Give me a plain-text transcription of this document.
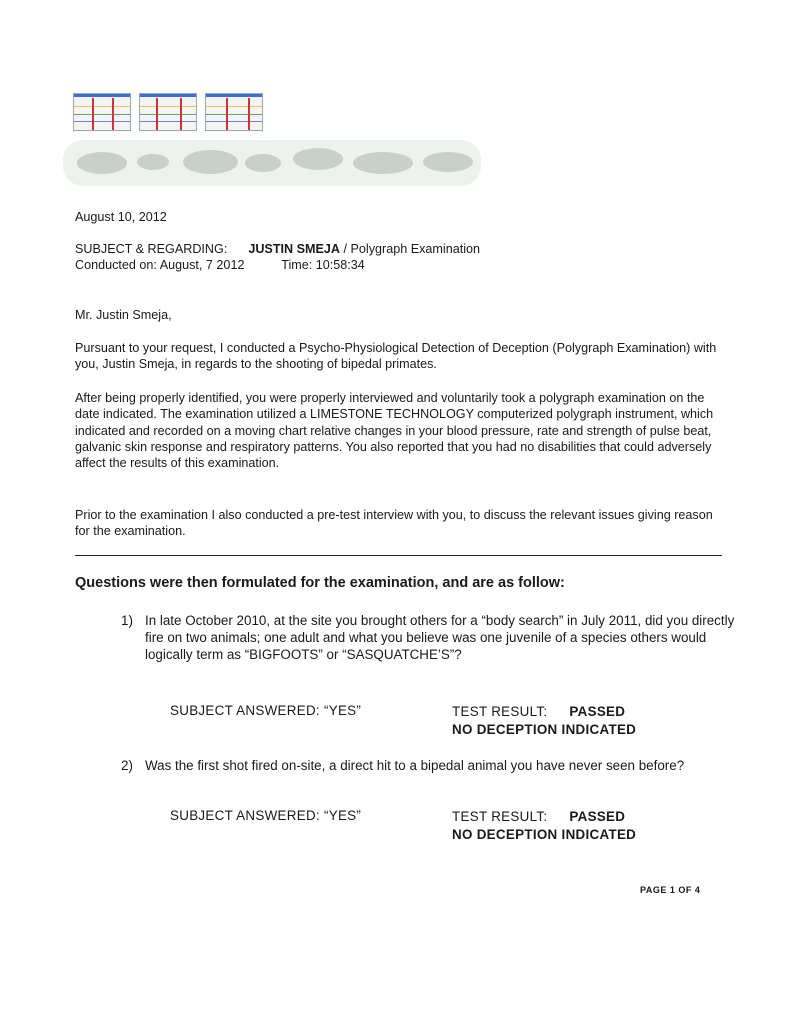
August 10, 2012
SUBJECT & REGARDING: JUSTIN SMEJA / Polygraph Examination
Conducted on: August, 7 2012	Time: 10:58:34
Mr. Justin Smeja,
Pursuant to your request, I conducted a Psycho-Physiological Detection of Deception (Polygraph Examination) with you, Justin Smeja, in regards to the shooting of bipedal primates.
After being properly identified, you were properly interviewed and voluntarily took a polygraph examination on the date indicated. The examination utilized a LIMESTONE TECHNOLOGY computerized polygraph instrument, which indicated and recorded on a moving chart relative changes in your blood pressure, rate and strength of pulse beat, galvanic skin response and respiratory patterns. You also reported that you had no disabilities that could adversely affect the results of this examination.
Prior to the examination I also conducted a pre-test interview with you, to discuss the relevant issues giving reason for the examination.
Questions were then formulated for the examination, and are as follow:
1) In late October 2010, at the site you brought others for a “body search” in July 2011, did you directly fire on two animals; one adult and what you believe was one juvenile of a species others would logically term as “BIGFOOTS” or “SASQUATCHE’S”?
SUBJECT ANSWERED: “YES”	TEST RESULT: PASSED
NO DECEPTION INDICATED
2) Was the first shot fired on-site, a direct hit to a bipedal animal you have never seen before?
SUBJECT ANSWERED: “YES”	TEST RESULT: PASSED
NO DECEPTION INDICATED
PAGE 1 OF 4
